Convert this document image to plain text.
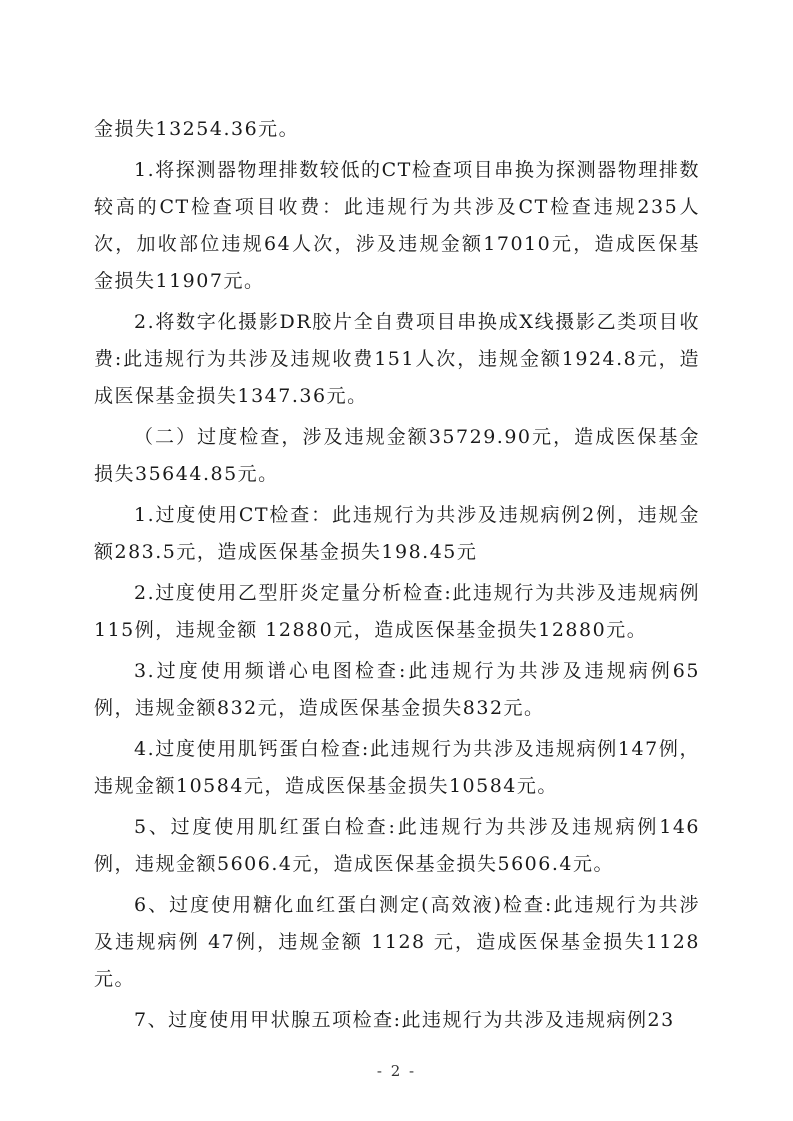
金损失13254.36元。

1.将探测器物理排数较低的CT检查项目串换为探测器物理排数较高的CT检查项目收费：此违规行为共涉及CT检查违规235人次，加收部位违规64人次，涉及违规金额17010元，造成医保基金损失11907元。

2.将数字化摄影DR胶片全自费项目串换成X线摄影乙类项目收费:此违规行为共涉及违规收费151人次，违规金额1924.8元，造成医保基金损失1347.36元。

（二）过度检查，涉及违规金额35729.90元，造成医保基金损失35644.85元。

1.过度使用CT检查：此违规行为共涉及违规病例2例，违规金额283.5元，造成医保基金损失198.45元

2.过度使用乙型肝炎定量分析检查:此违规行为共涉及违规病例 115例，违规金额 12880元，造成医保基金损失12880元。

3.过度使用频谱心电图检查:此违规行为共涉及违规病例65例，违规金额832元，造成医保基金损失832元。

4.过度使用肌钙蛋白检查:此违规行为共涉及违规病例147例，违规金额10584元，造成医保基金损失10584元。

5、过度使用肌红蛋白检查:此违规行为共涉及违规病例146例，违规金额5606.4元，造成医保基金损失5606.4元。

6、过度使用糖化血红蛋白测定(高效液)检查:此违规行为共涉及违规病例 47例，违规金额 1128 元，造成医保基金损失1128元。

7、过度使用甲状腺五项检查:此违规行为共涉及违规病例23

- 2 -
